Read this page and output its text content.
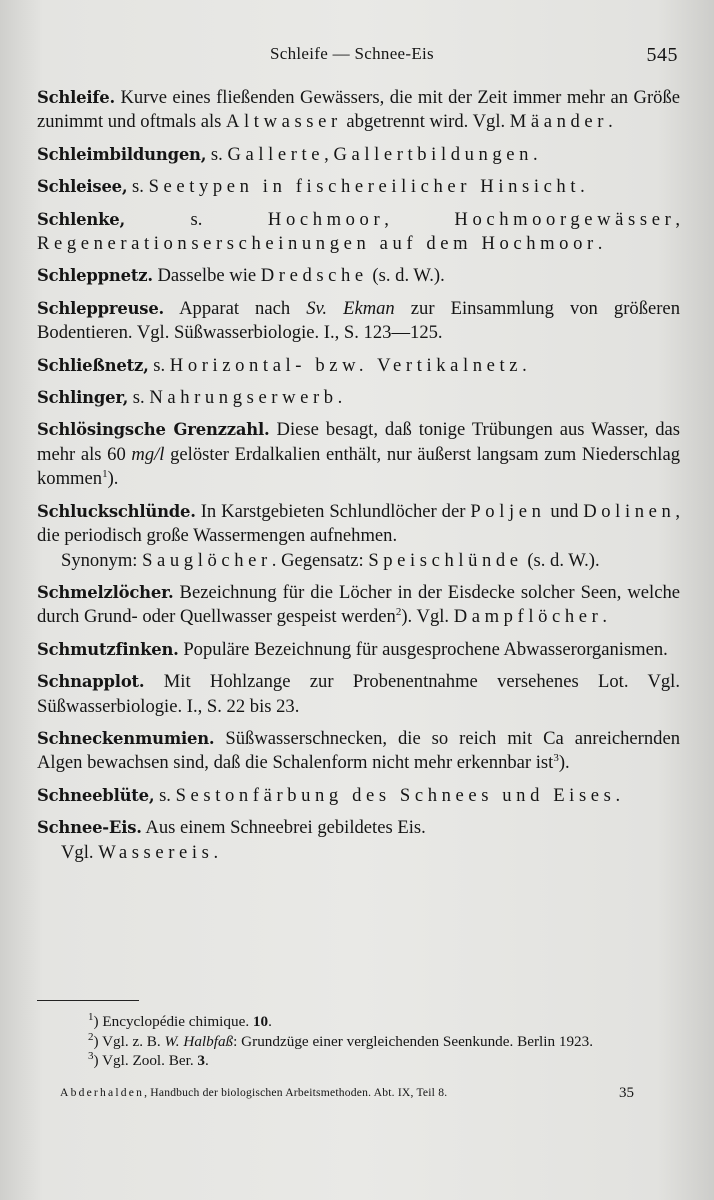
Schleife — Schnee-Eis	545

Schleife. Kurve eines fließenden Gewässers, die mit der Zeit immer mehr an Größe zunimmt und oftmals als Altwasser abgetrennt wird. Vgl. Mäander.

Schleimbildungen, s. Gallerte, Gallertbildungen.

Schleisee, s. Seetypen in fischereilicher Hinsicht.

Schlenke, s. Hochmoor, Hochmoorgewässer, Regenerationserscheinungen auf dem Hochmoor.

Schleppnetz. Dasselbe wie Dredsche (s. d. W.).

Schleppreuse. Apparat nach Sv. Ekman zur Einsammlung von größeren Bodentieren. Vgl. Süßwasserbiologie. I., S. 123—125.

Schließnetz, s. Horizontal- bzw. Vertikalnetz.

Schlinger, s. Nahrungserwerb.

Schlösingsche Grenzzahl. Diese besagt, daß tonige Trübungen aus Wasser, das mehr als 60 mg/l gelöster Erdalkalien enthält, nur äußerst langsam zum Niederschlag kommen$^1$).

Schluckschlünde. In Karstgebieten Schlundlöcher der Poljen und Dolinen, die periodisch große Wassermengen aufnehmen.

Synonym: Sauglöcher. Gegensatz: Speischlünde (s. d. W.).

Schmelzlöcher. Bezeichnung für die Löcher in der Eisdecke solcher Seen, welche durch Grund- oder Quellwasser gespeist werden$^2$). Vgl. Dampflöcher.

Schmutzfinken. Populäre Bezeichnung für ausgesprochene Abwasserorganismen.

Schnapplot. Mit Hohlzange zur Probenentnahme versehenes Lot. Vgl. Süßwasserbiologie. I., S. 22 bis 23.

Schneckenmumien. Süßwasserschnecken, die so reich mit Ca anreichernden Algen bewachsen sind, daß die Schalenform nicht mehr erkennbar ist$^3$).

Schneeblüte, s. Sestonfärbung des Schnees und Eises.

Schnee-Eis. Aus einem Schneebrei gebildetes Eis.

Vgl. Wassereis.

$^1$) Encyclopédie chimique. 10.

$^2$) Vgl. z. B. W. Halbfaß: Grundzüge einer vergleichenden Seenkunde. Berlin 1923.

$^3$) Vgl. Zool. Ber. 3.

Abderhalden, Handbuch der biologischen Arbeitsmethoden. Abt. IX, Teil 8.	35
